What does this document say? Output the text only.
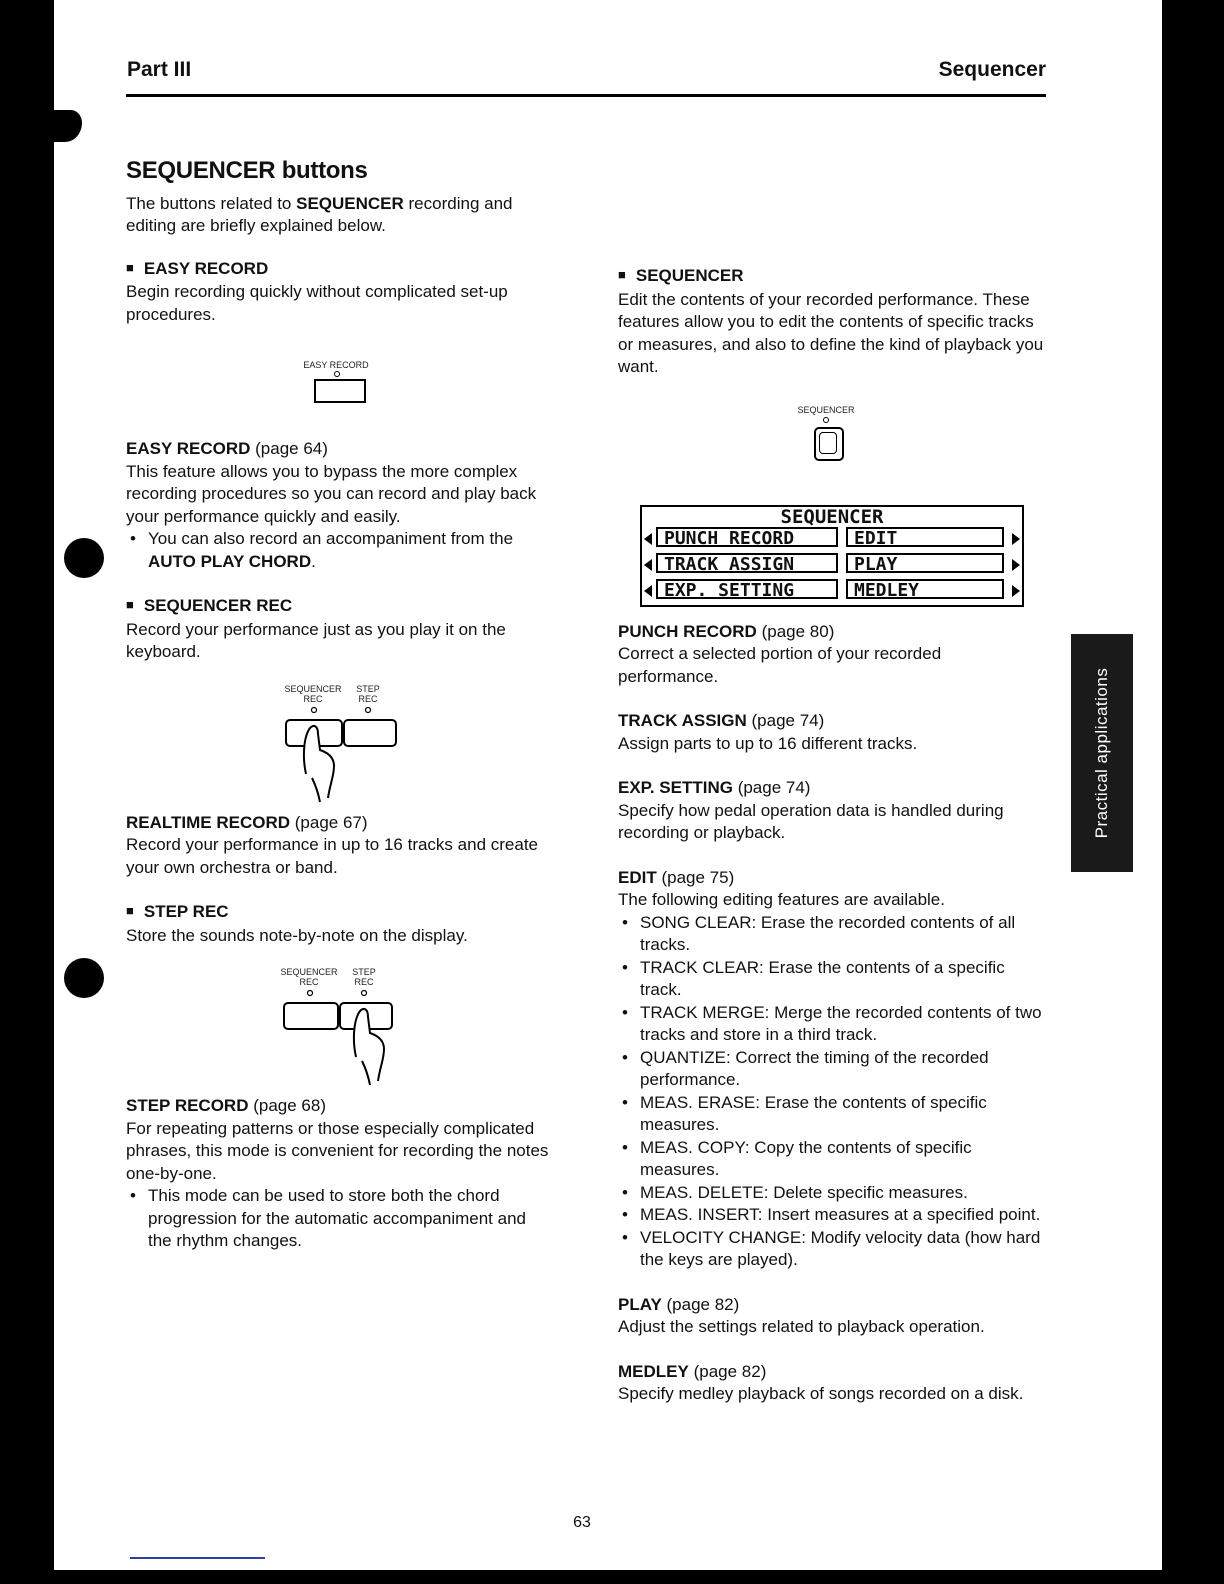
Part III	Sequencer
Practical applications
SEQUENCER buttons

The buttons related to SEQUENCER recording and editing are briefly explained below.

■ EASY RECORD

Begin recording quickly without complicated set-up procedures.

EASY RECORD

EASY RECORD (page 64)

This feature allows you to bypass the more complex recording procedures so you can record and play back your performance quickly and easily.

• You can also record an accompaniment from the AUTO PLAY CHORD.

■ SEQUENCER REC

Record your performance just as you play it on the keyboard.

SEQUENCER
REC
STEP
REC

REALTIME RECORD (page 67)

Record your performance in up to 16 tracks and create your own orchestra or band.

■ STEP REC

Store the sounds note-by-note on the display.

SEQUENCER
REC
STEP
REC

STEP RECORD (page 68)

For repeating patterns or those especially complicated phrases, this mode is convenient for recording the notes one-by-one.

• This mode can be used to store both the chord progression for the automatic accompaniment and the rhythm changes.

■ SEQUENCER

Edit the contents of your recorded performance. These features allow you to edit the contents of specific tracks or measures, and also to define the kind of playback you want.

SEQUENCER
SEQUENCER
PUNCH RECORD	EDIT
TRACK ASSIGN	PLAY
EXP. SETTING	MEDLEY

PUNCH RECORD (page 80)

Correct a selected portion of your recorded performance.

TRACK ASSIGN (page 74)

Assign parts to up to 16 different tracks.

EXP. SETTING (page 74)

Specify how pedal operation data is handled during recording or playback.

EDIT (page 75)

The following editing features are available.

• SONG CLEAR: Erase the recorded contents of all tracks.
• TRACK CLEAR: Erase the contents of a specific track.
• TRACK MERGE: Merge the recorded contents of two tracks and store in a third track.
• QUANTIZE: Correct the timing of the recorded performance.
• MEAS. ERASE: Erase the contents of specific measures.
• MEAS. COPY: Copy the contents of specific measures.
• MEAS. DELETE: Delete specific measures.
• MEAS. INSERT: Insert measures at a specified point.
• VELOCITY CHANGE: Modify velocity data (how hard the keys are played).

PLAY (page 82)

Adjust the settings related to playback operation.

MEDLEY (page 82)

Specify medley playback of songs recorded on a disk.

63
